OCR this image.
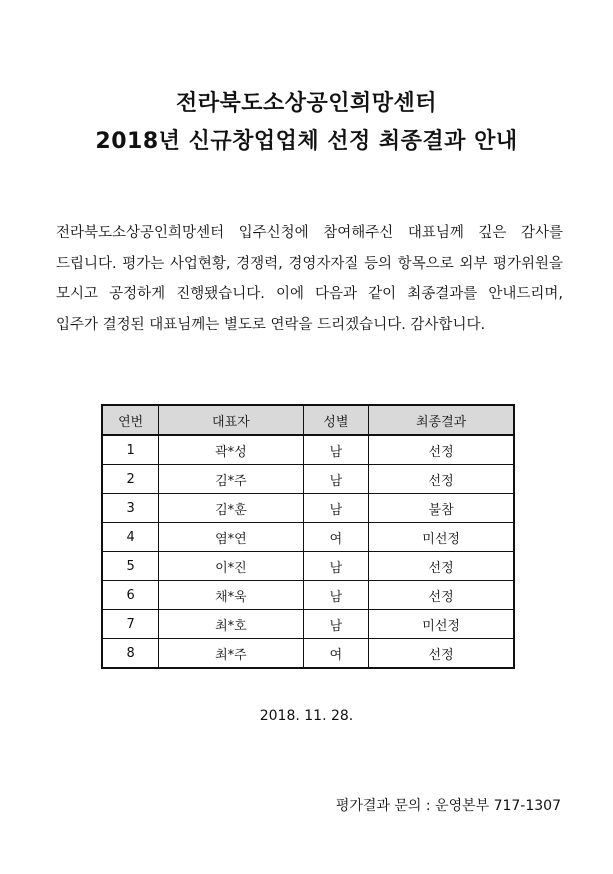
전라북도소상공인희망센터
2018년 신규창업업체 선정 최종결과 안내

전라북도소상공인희망센터 입주신청에 참여해주신 대표님께 깊은 감사를 드립니다. 평가는 사업현황, 경쟁력, 경영자자질 등의 항목으로 외부 평가위원을 모시고 공정하게 진행됐습니다. 이에 다음과 같이 최종결과를 안내드리며, 입주가 결정된 대표님께는 별도로 연락을 드리겠습니다. 감사합니다.

연번	대표자	성별	최종결과
1	곽*성	남	선정
2	김*주	남	선정
3	김*훈	남	불참
4	염*연	여	미선정
5	이*진	남	선정
6	채*욱	남	선정
7	최*호	남	미선정
8	최*주	여	선정

2018. 11. 28.

평가결과 문의 : 운영본부 717-1307
